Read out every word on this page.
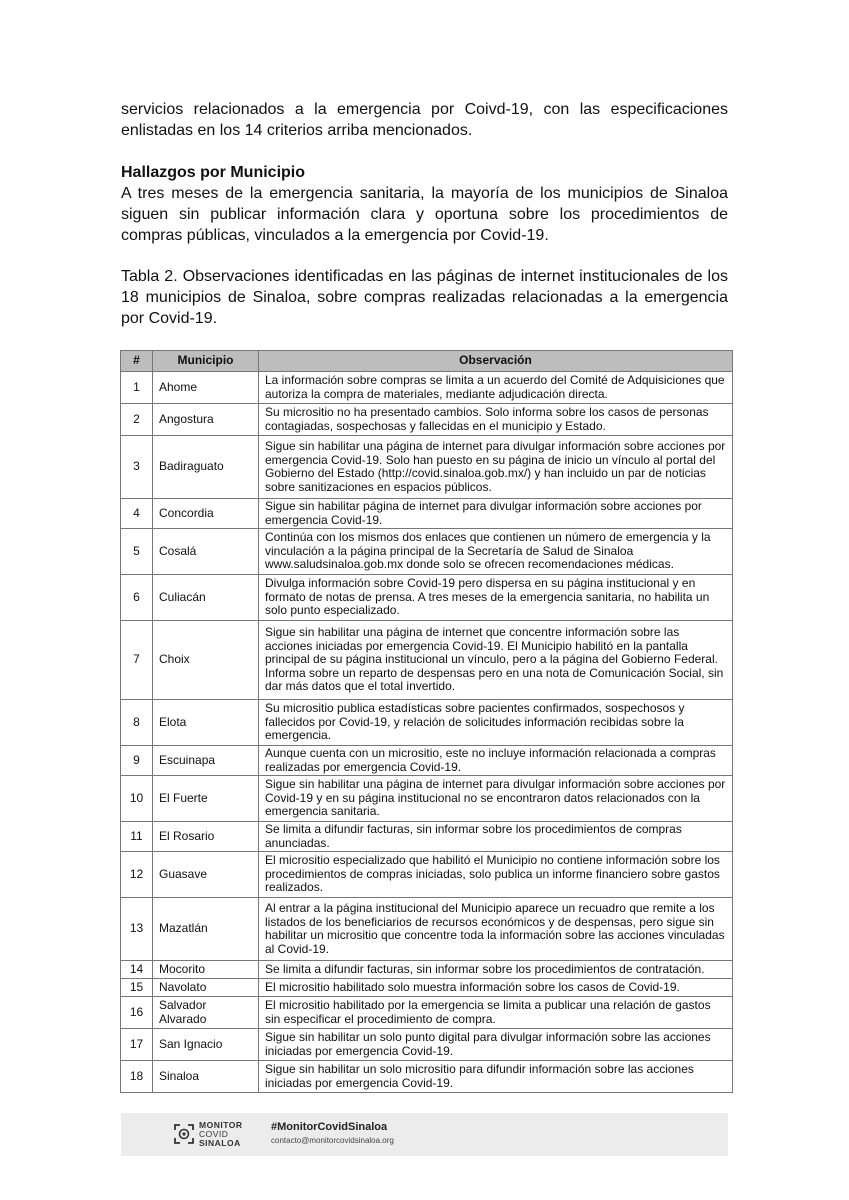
servicios relacionados a la emergencia por Coivd-19, con las especificaciones enlistadas en los 14 criterios arriba mencionados.

Hallazgos por Municipio

A tres meses de la emergencia sanitaria, la mayoría de los municipios de Sinaloa siguen sin publicar información clara y oportuna sobre los procedimientos de compras públicas, vinculados a la emergencia por Covid-19.

Tabla 2. Observaciones identificadas en las páginas de internet institucionales de los 18 municipios de Sinaloa, sobre compras realizadas relacionadas a la emergencia por Covid-19.

#	Municipio	Observación
1	Ahome	La información sobre compras se limita a un acuerdo del Comité de Adquisiciones que autoriza la compra de materiales, mediante adjudicación directa.
2	Angostura	Su micrositio no ha presentado cambios. Solo informa sobre los casos de personas contagiadas, sospechosas y fallecidas en el municipio y Estado.
3	Badiraguato	Sigue sin habilitar una página de internet para divulgar información sobre acciones por emergencia Covid-19. Solo han puesto en su página de inicio un vínculo al portal del Gobierno del Estado (http://covid.sinaloa.gob.mx/) y han incluido un par de noticias sobre sanitizaciones en espacios públicos.
4	Concordia	Sigue sin habilitar página de internet para divulgar información sobre acciones por emergencia Covid-19.
5	Cosalá	Continúa con los mismos dos enlaces que contienen un número de emergencia y la vinculación a la página principal de la Secretaría de Salud de Sinaloa www.saludsinaloa.gob.mx donde solo se ofrecen recomendaciones médicas.
6	Culiacán	Divulga información sobre Covid-19 pero dispersa en su página institucional y en formato de notas de prensa. A tres meses de la emergencia sanitaria, no habilita un solo punto especializado.
7	Choix	Sigue sin habilitar una página de internet que concentre información sobre las acciones iniciadas por emergencia Covid-19. El Municipio habilitó en la pantalla principal de su página institucional un vínculo, pero a la página del Gobierno Federal. Informa sobre un reparto de despensas pero en una nota de Comunicación Social, sin dar más datos que el total invertido.
8	Elota	Su micrositio publica estadísticas sobre pacientes confirmados, sospechosos y fallecidos por Covid-19, y relación de solicitudes información recibidas sobre la emergencia.
9	Escuinapa	Aunque cuenta con un micrositio, este no incluye información relacionada a compras realizadas por emergencia Covid-19.
10	El Fuerte	Sigue sin habilitar una página de internet para divulgar información sobre acciones por Covid-19 y en su página institucional no se encontraron datos relacionados con la emergencia sanitaria.
11	El Rosario	Se limita a difundir facturas, sin informar sobre los procedimientos de compras anunciadas.
12	Guasave	El micrositio especializado que habilitó el Municipio no contiene información sobre los procedimientos de compras iniciadas, solo publica un informe financiero sobre gastos realizados.
13	Mazatlán	Al entrar a la página institucional del Municipio aparece un recuadro que remite a los listados de los beneficiarios de recursos económicos y de despensas, pero sigue sin habilitar un micrositio que concentre toda la información sobre las acciones vinculadas al Covid-19.
14	Mocorito	Se limita a difundir facturas, sin informar sobre los procedimientos de contratación.
15	Navolato	El micrositio habilitado solo muestra información sobre los casos de Covid-19.
16	Salvador Alvarado	El micrositio habilitado por la emergencia se limita a publicar una relación de gastos sin especificar el procedimiento de compra.
17	San Ignacio	Sigue sin habilitar un solo punto digital para divulgar información sobre las acciones iniciadas por emergencia Covid-19.
18	Sinaloa	Sigue sin habilitar un solo micrositio para difundir información sobre las acciones iniciadas por emergencia Covid-19.
MONITOR
COVID
SINALOA
#MonitorCovidSinaloa
contacto@monitorcovidsinaloa.org
